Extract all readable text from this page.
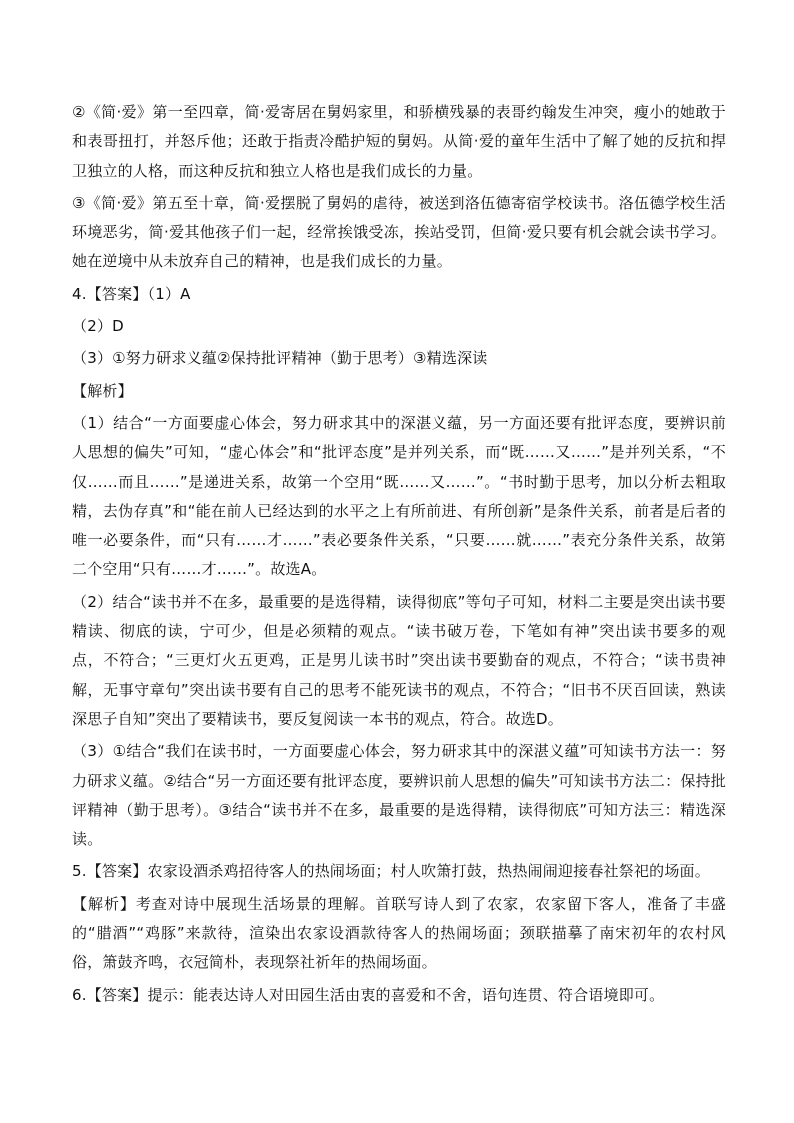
②《简·爱》第一至四章，简·爱寄居在舅妈家里，和骄横残暴的表哥约翰发生冲突，瘦小的她敢于和表哥扭打，并怒斥他；还敢于指责冷酷护短的舅妈。从简·爱的童年生活中了解了她的反抗和捍卫独立的人格，而这种反抗和独立人格也是我们成长的力量。

③《简·爱》第五至十章，简·爱摆脱了舅妈的虐待，被送到洛伍德寄宿学校读书。洛伍德学校生活环境恶劣，简·爱其他孩子们一起，经常挨饿受冻，挨站受罚，但简·爱只要有机会就会读书学习。她在逆境中从未放弃自己的精神，也是我们成长的力量。

4.【答案】（1）A

（2）D

（3）①努力研求义蕴②保持批评精神（勤于思考）③精选深读

【解析】

（1）结合“一方面要虚心体会，努力研求其中的深湛义蕴，另一方面还要有批评态度，要辨识前人思想的偏失”可知，“虚心体会”和“批评态度”是并列关系，而“既……又……”是并列关系，“不仅……而且……”是递进关系，故第一个空用“既……又……”。“书时勤于思考，加以分析去粗取精，去伪存真”和“能在前人已经达到的水平之上有所前进、有所创新”是条件关系，前者是后者的唯一必要条件，而“只有……才……”表必要条件关系，“只要……就……”表充分条件关系，故第二个空用“只有……才……”。故选A。

（2）结合“读书并不在多，最重要的是选得精，读得彻底”等句子可知，材料二主要是突出读书要精读、彻底的读，宁可少，但是必须精的观点。“读书破万卷，下笔如有神”突出读书要多的观点，不符合；“三更灯火五更鸡，正是男儿读书时”突出读书要勤奋的观点，不符合；“读书贵神解，无事守章句”突出读书要有自己的思考不能死读书的观点，不符合；“旧书不厌百回读，熟读深思子自知”突出了要精读书，要反复阅读一本书的观点，符合。故选D。

（3）①结合“我们在读书时，一方面要虚心体会，努力研求其中的深湛义蕴”可知读书方法一：努力研求义蕴。②结合“另一方面还要有批评态度，要辨识前人思想的偏失”可知读书方法二：保持批评精神（勤于思考）。③结合“读书并不在多，最重要的是选得精，读得彻底”可知方法三：精选深读。

5.【答案】农家设酒杀鸡招待客人的热闹场面；村人吹箫打鼓，热热闹闹迎接春社祭祀的场面。

【解析】考查对诗中展现生活场景的理解。首联写诗人到了农家，农家留下客人，准备了丰盛的“腊酒”“鸡豚”来款待，渲染出农家设酒款待客人的热闹场面；颈联描摹了南宋初年的农村风俗，箫鼓齐鸣，衣冠简朴，表现祭社祈年的热闹场面。

6.【答案】提示：能表达诗人对田园生活由衷的喜爱和不舍，语句连贯、符合语境即可。
